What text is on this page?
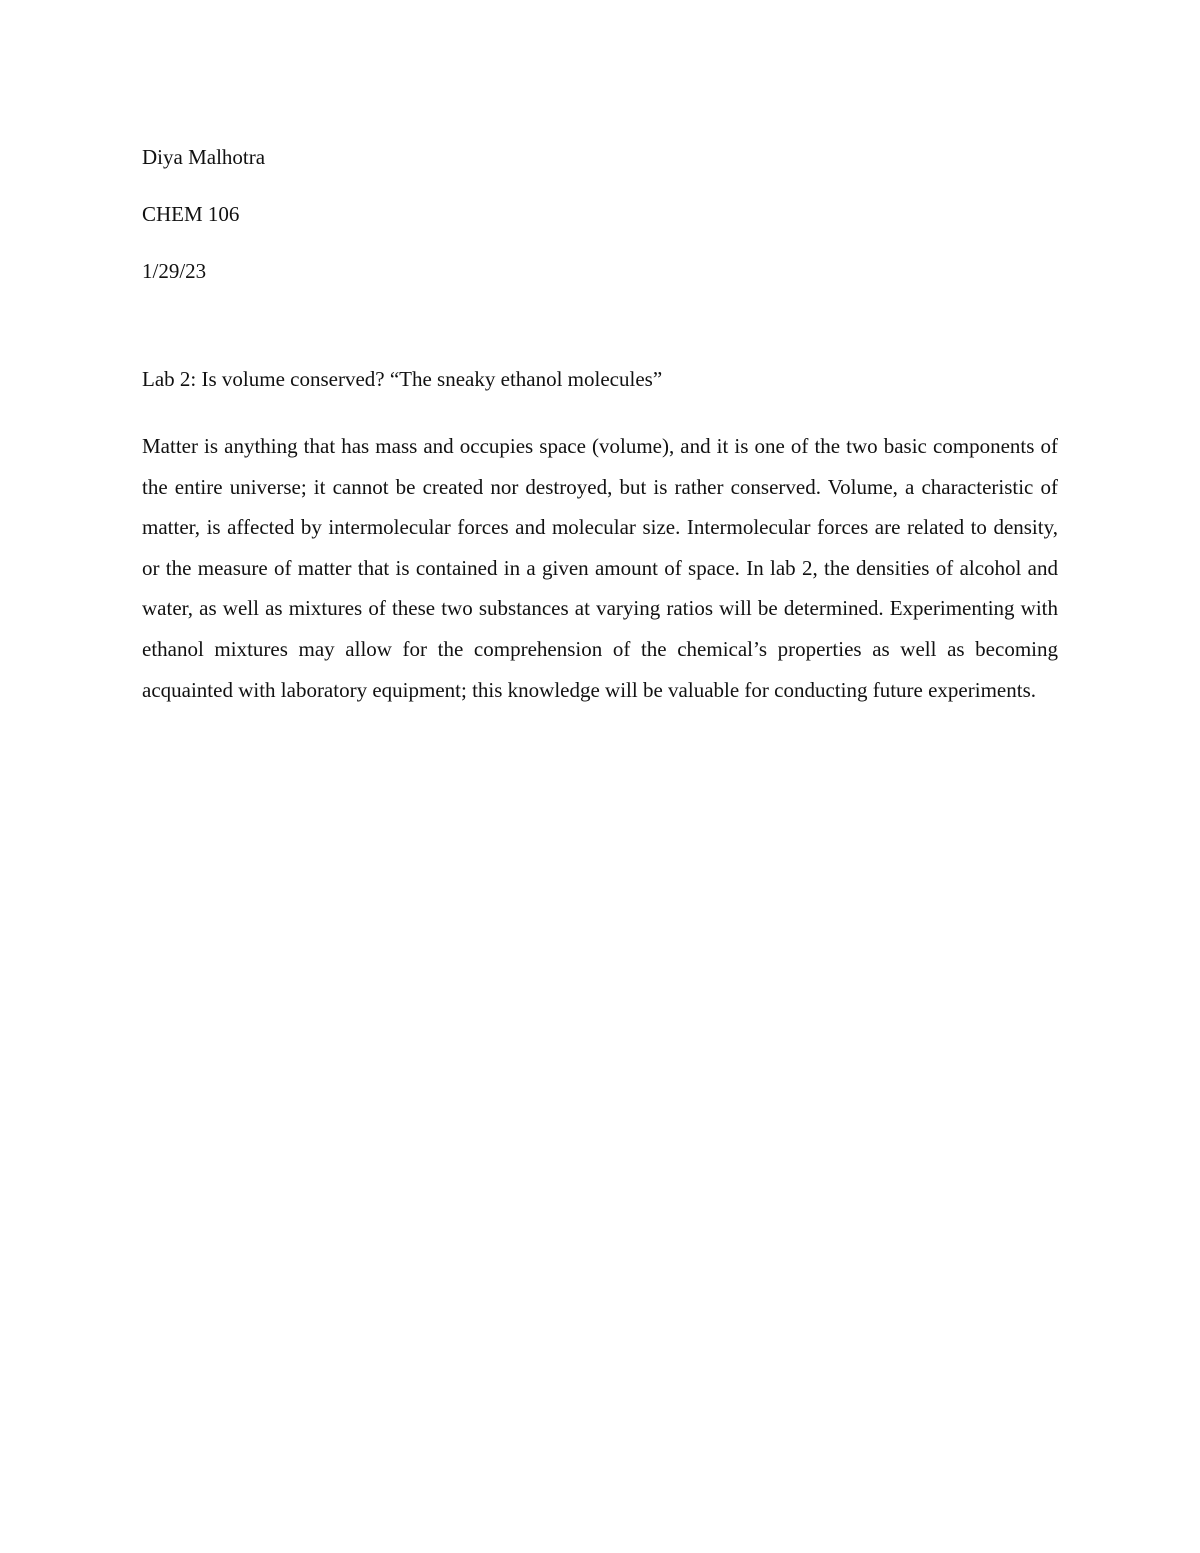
Diya Malhotra
CHEM 106
1/29/23
Lab 2: Is volume conserved? “The sneaky ethanol molecules”

Matter is anything that has mass and occupies space (volume), and it is one of the two basic components of the entire universe; it cannot be created nor destroyed, but is rather conserved. Volume, a characteristic of matter, is affected by intermolecular forces and molecular size. Intermolecular forces are related to density, or the measure of matter that is contained in a given amount of space. In lab 2, the densities of alcohol and water, as well as mixtures of these two substances at varying ratios will be determined. Experimenting with ethanol mixtures may allow for the comprehension of the chemical’s properties as well as becoming acquainted with laboratory equipment; this knowledge will be valuable for conducting future experiments.
